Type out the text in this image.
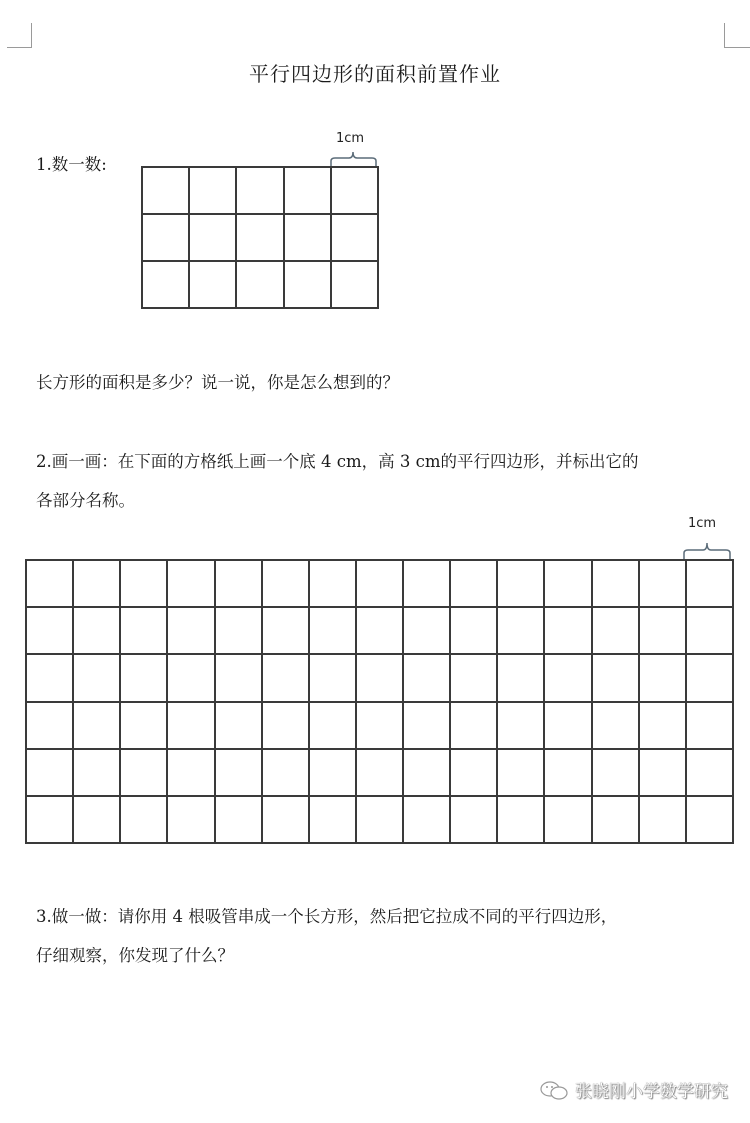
平行四边形的面积前置作业
1.数一数:
1cm
长方形的面积是多少？说一说，你是怎么想到的？
2.画一画：在下面的方格纸上画一个底 4 cm，高 3 cm的平行四边形，并标出它的
各部分名称。
1cm
3.做一做：请你用 4 根吸管串成一个长方形，然后把它拉成不同的平行四边形，
仔细观察，你发现了什么？
张晓刚小学数学研究
